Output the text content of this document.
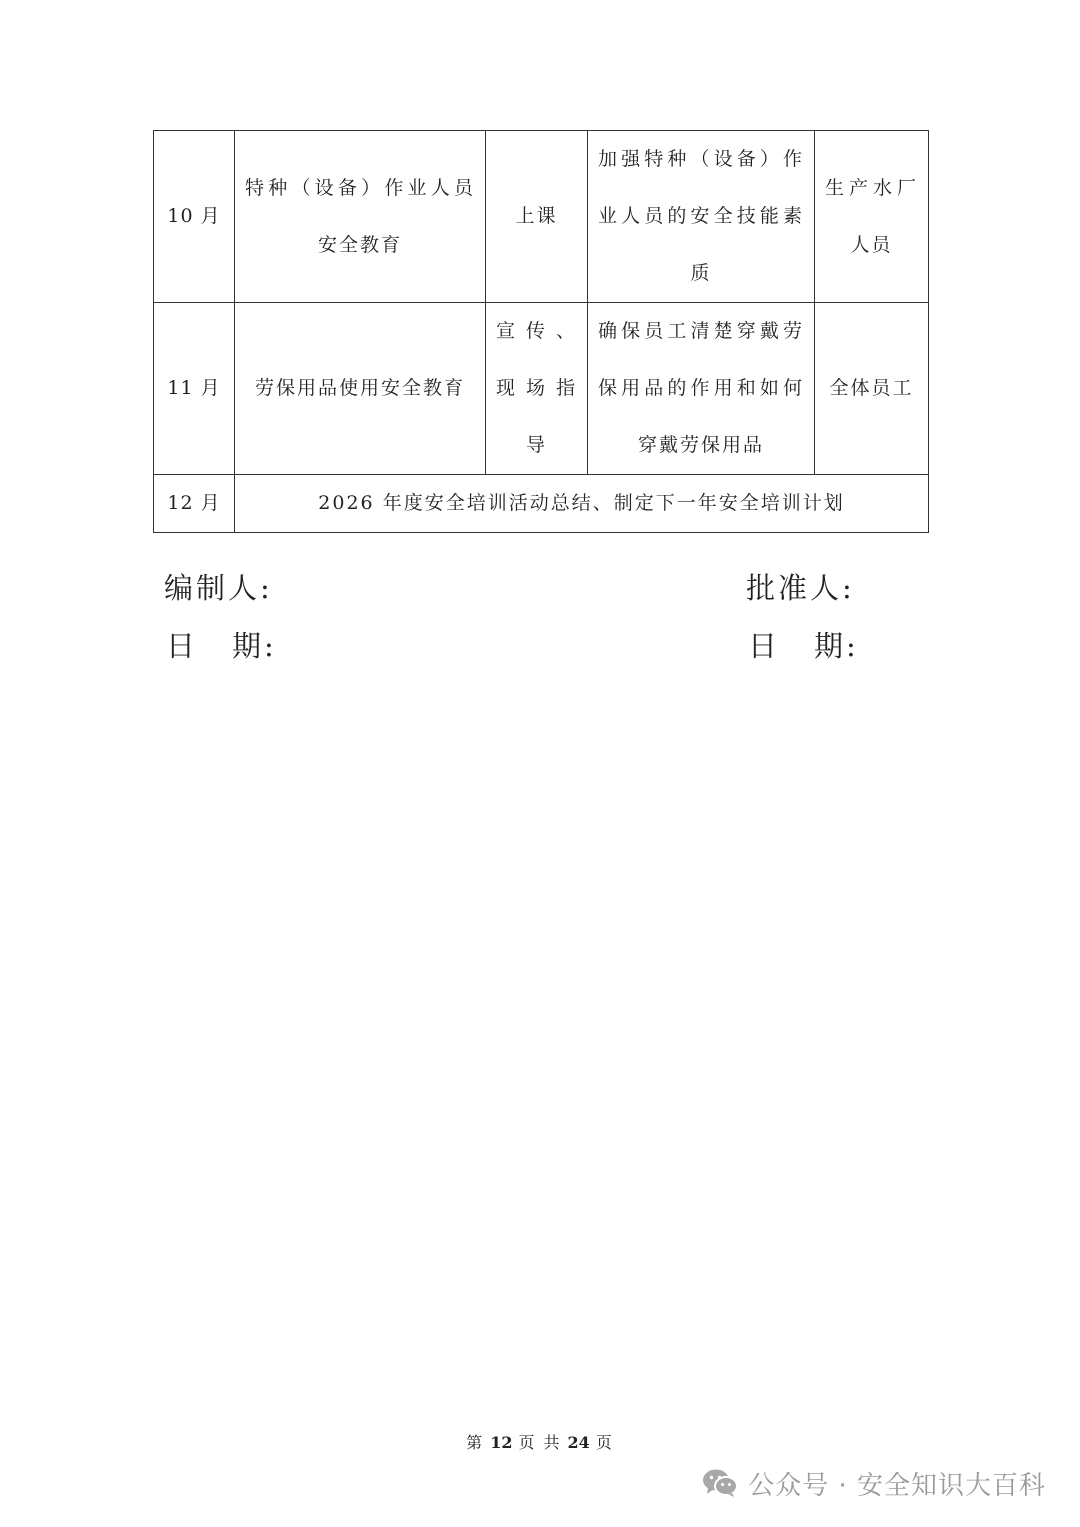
10 月	特种（设备）作业人员安全教育	上课	加强特种（设备）作业人员的安全技能素质	生产水厂人员
11 月	劳保用品使用安全教育	宣传、现场指导	确保员工清楚穿戴劳保用品的作用和如何穿戴劳保用品	全体员工
12 月	2026 年度安全培训活动总结、制定下一年安全培训计划			
编制人:	批准人:
日 期:	日 期:
第 12 页 共 24 页
公众号 · 安全知识大百科
